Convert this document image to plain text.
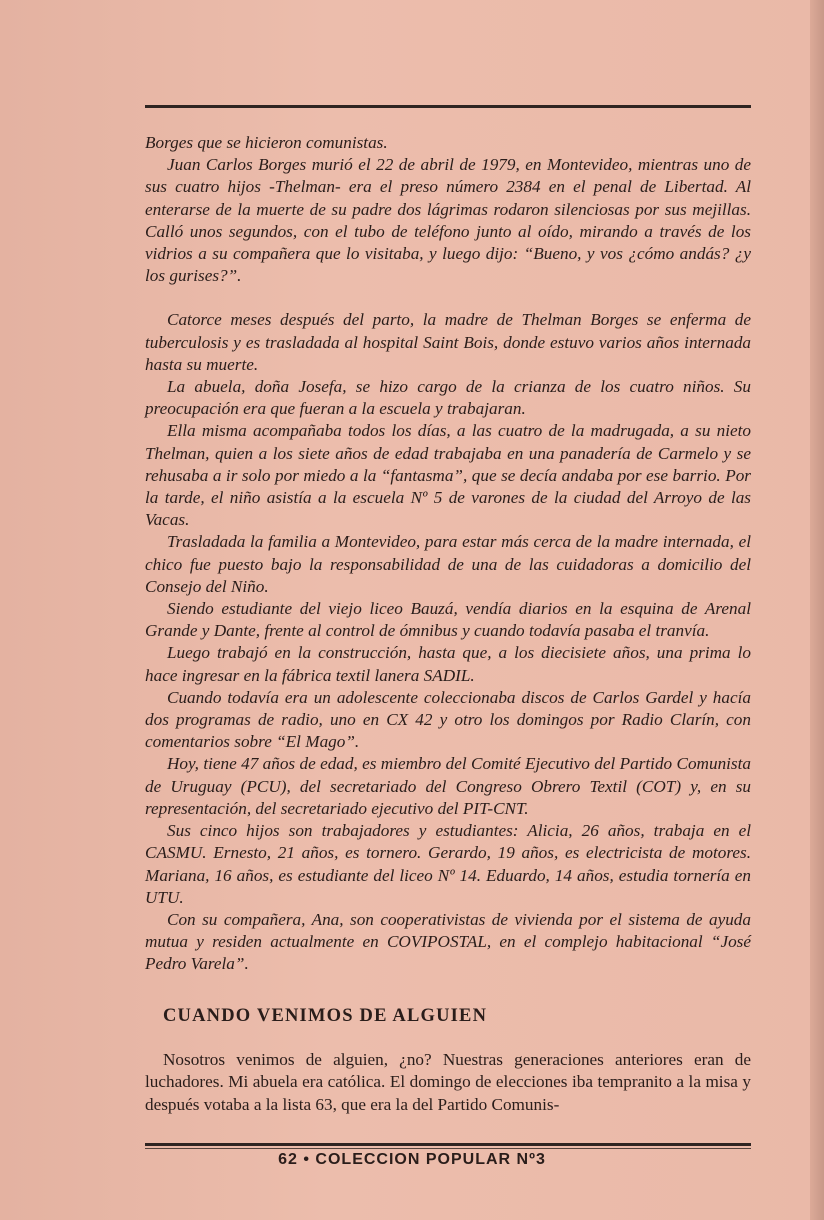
Borges que se hicieron comunistas.

Juan Carlos Borges murió el 22 de abril de 1979, en Montevideo, mientras uno de sus cuatro hijos -Thelman- era el preso número 2384 en el penal de Libertad. Al enterarse de la muerte de su padre dos lágrimas rodaron silenciosas por sus mejillas. Calló unos segundos, con el tubo de teléfono junto al oído, mirando a través de los vidrios a su compañera que lo visitaba, y luego dijo: “Bueno, y vos ¿cómo andás? ¿y los gurises?”.

Catorce meses después del parto, la madre de Thelman Borges se enferma de tuberculosis y es trasladada al hospital Saint Bois, donde estuvo varios años internada hasta su muerte.

La abuela, doña Josefa, se hizo cargo de la crianza de los cuatro niños. Su preocupación era que fueran a la escuela y trabajaran.

Ella misma acompañaba todos los días, a las cuatro de la madrugada, a su nieto Thelman, quien a los siete años de edad trabajaba en una panadería de Carmelo y se rehusaba a ir solo por miedo a la “fantasma”, que se decía andaba por ese barrio. Por la tarde, el niño asistía a la escuela Nº 5 de varones de la ciudad del Arroyo de las Vacas.

Trasladada la familia a Montevideo, para estar más cerca de la madre internada, el chico fue puesto bajo la responsabilidad de una de las cuidadoras a domicilio del Consejo del Niño.

Siendo estudiante del viejo liceo Bauzá, vendía diarios en la esquina de Arenal Grande y Dante, frente al control de ómnibus y cuando todavía pasaba el tranvía.

Luego trabajó en la construcción, hasta que, a los diecisiete años, una prima lo hace ingresar en la fábrica textil lanera SADIL.

Cuando todavía era un adolescente coleccionaba discos de Carlos Gardel y hacía dos programas de radio, uno en CX 42 y otro los domingos por Radio Clarín, con comentarios sobre “El Mago”.

Hoy, tiene 47 años de edad, es miembro del Comité Ejecutivo del Partido Comunista de Uruguay (PCU), del secretariado del Congreso Obrero Textil (COT) y, en su representación, del secretariado ejecutivo del PIT-CNT.

Sus cinco hijos son trabajadores y estudiantes: Alicia, 26 años, trabaja en el CASMU. Ernesto, 21 años, es tornero. Gerardo, 19 años, es electricista de motores. Mariana, 16 años, es estudiante del liceo Nº 14. Eduardo, 14 años, estudia tornería en UTU.

Con su compañera, Ana, son cooperativistas de vivienda por el sistema de ayuda mutua y residen actualmente en COVIPOSTAL, en el complejo habitacional “José Pedro Varela”.

CUANDO VENIMOS DE ALGUIEN

Nosotros venimos de alguien, ¿no? Nuestras generaciones anteriores eran de luchadores. Mi abuela era católica. El domingo de elecciones iba tempranito a la misa y después votaba a la lista 63, que era la del Partido Comunis-

62 • COLECCION POPULAR Nº3
